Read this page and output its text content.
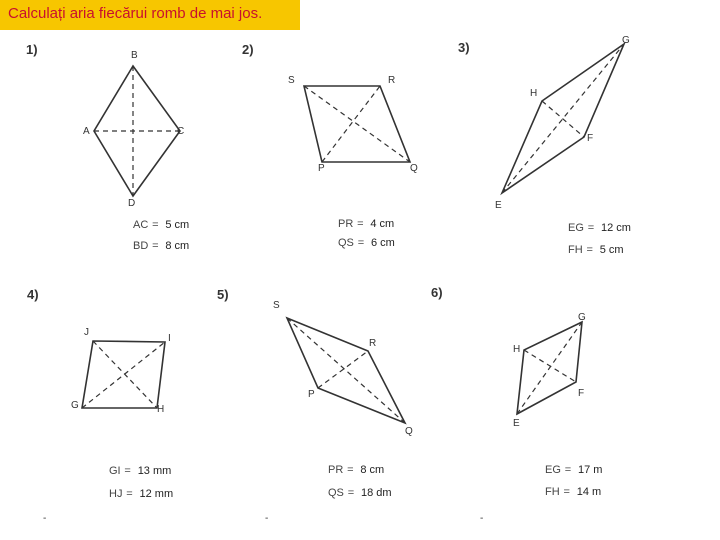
Calculați aria fiecărui romb de mai jos.
1)	2)	3)
4)	5)	6)
A
B
C
D
P	Q
R
S
E
F
G
H
G	H
I
J
P
Q
R
S
E
F
G
H
AC = 5 cm
BD = 8 cm
PR = 4 cm
QS = 6 cm
EG = 12 cm
FH = 5 cm
GI = 13 mm
HJ = 12 mm
PR = 8 cm
QS = 18 dm
EG = 17 m
FH = 14 m
-	-	-
